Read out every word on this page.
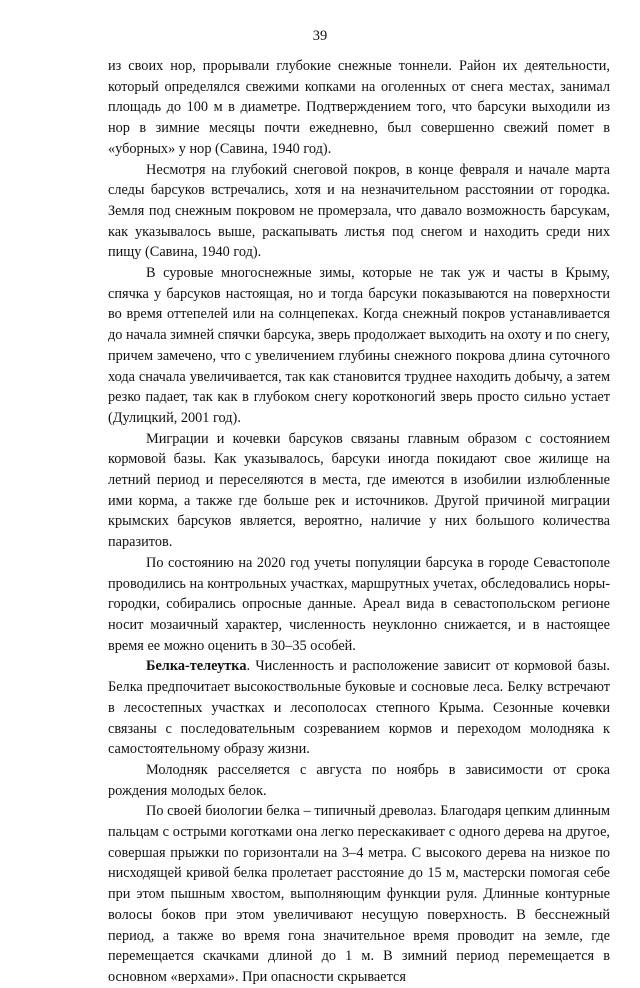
39

из своих нор, прорывали глубокие снежные тоннели. Район их деятельности, который определялся свежими копками на оголенных от снега местах, занимал площадь до 100 м в диаметре. Подтверждением того, что барсуки выходили из нор в зимние месяцы почти ежедневно, был совершенно свежий помет в «уборных» у нор (Савина, 1940 год).

Несмотря на глубокий снеговой покров, в конце февраля и начале марта следы барсуков встречались, хотя и на незначительном расстоянии от городка. Земля под снежным покровом не промерзала, что давало возможность барсукам, как указывалось выше, раскапывать листья под снегом и находить среди них пищу (Савина, 1940 год).

В суровые многоснежные зимы, которые не так уж и часты в Крыму, спячка у барсуков настоящая, но и тогда барсуки показываются на поверхности во время оттепелей или на солнцепеках. Когда снежный покров устанавливается до начала зимней спячки барсука, зверь продолжает выходить на охоту и по снегу, причем замечено, что с увеличением глубины снежного покрова длина суточного хода сначала увеличивается, так как становится труднее находить добычу, а затем резко падает, так как в глубоком снегу коротконогий зверь просто сильно устает (Дулицкий, 2001 год).

Миграции и кочевки барсуков связаны главным образом с состоянием кормовой базы. Как указывалось, барсуки иногда покидают свое жилище на летний период и переселяются в места, где имеются в изобилии излюбленные ими корма, а также где больше рек и источников. Другой причиной миграции крымских барсуков является, вероятно, наличие у них большого количества паразитов.

По состоянию на 2020 год учеты популяции барсука в городе Севастополе проводились на контрольных участках, маршрутных учетах, обследовались норы-городки, собирались опросные данные. Ареал вида в севастопольском регионе носит мозаичный характер, численность неуклонно снижается, и в настоящее время ее можно оценить в 30–35 особей.

Белка-телеутка. Численность и расположение зависит от кормовой базы. Белка предпочитает высокоствольные буковые и сосновые леса. Белку встречают в лесостепных участках и лесополосах степного Крыма. Сезонные кочевки связаны с последовательным созреванием кормов и переходом молодняка к самостоятельному образу жизни.

Молодняк расселяется с августа по ноябрь в зависимости от срока рождения молодых белок.

По своей биологии белка – типичный древолаз. Благодаря цепким длинным пальцам с острыми коготками она легко перескакивает с одного дерева на другое, совершая прыжки по горизонтали на 3–4 метра. С высокого дерева на низкое по нисходящей кривой белка пролетает расстояние до 15 м, мастерски помогая себе при этом пышным хвостом, выполняющим функции руля. Длинные контурные волосы боков при этом увеличивают несущую поверхность. В бесснежный период, а также во время гона значительное время проводит на земле, где перемещается скачками длиной до 1 м. В зимний период перемещается в основном «верхами». При опасности скрывается
